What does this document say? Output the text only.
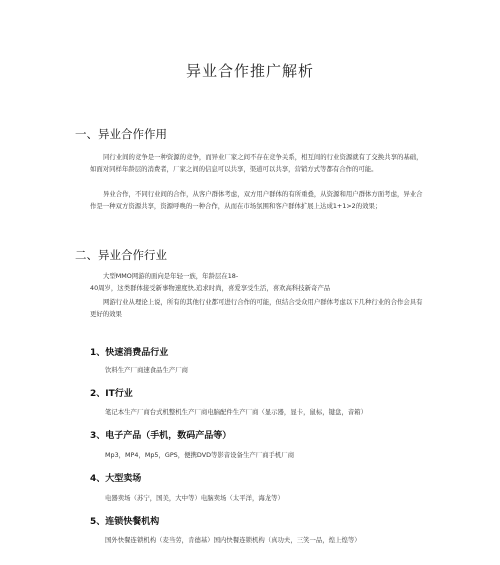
异业合作推广解析
一、异业合作作用
同行业间的竞争是一种资源的竞争，而异业厂家之间不存在竞争关系，相互间的行业资源就有了交换共享的基础，如面对同样年龄层的消费者，厂家之间的信息可以共享，渠道可以共享，营销方式等都有合作的可能。
异业合作，不同行业间的合作，从客户群体考虑，双方用户群体的有所重叠，从资源和用户群体方面考虑，异业合作是一种双方资源共享，资源呼唤的一种合作，从而在市场氛围和客户群体扩展上达成1+1>2的效果；
二、异业合作行业
大型MMO网游的面向是年轻一族，年龄层在18-
40周岁，这类群体接受新事物速度快,追求时尚，喜爱享受生活，喜欢高科技新奇产品
网游行业从理论上说，所有的其他行业都可进行合作的可能，但结合受众用户群体考虑以下几种行业的合作会具有更好的效果
1、快速消费品行业
饮料生产厂商速食品生产厂商
2、IT行业
笔记本生产厂商台式机整机生产厂商电脑配件生产厂商（显示器，显卡，鼠标，键盘，音箱）
3、电子产品（手机，数码产品等）
Mp3，MP4，Mp5，GPS，便携DVD等影音设备生产厂商手机厂商
4、大型卖场
电器卖场（苏宁，国美，大中等）电脑卖场（太平洋，海龙等）
5、连锁快餐机构
国外快餐连锁机构（麦当劳，肯德基）国内快餐连锁机构（真功夫，三笑一品，煌上煌等）
